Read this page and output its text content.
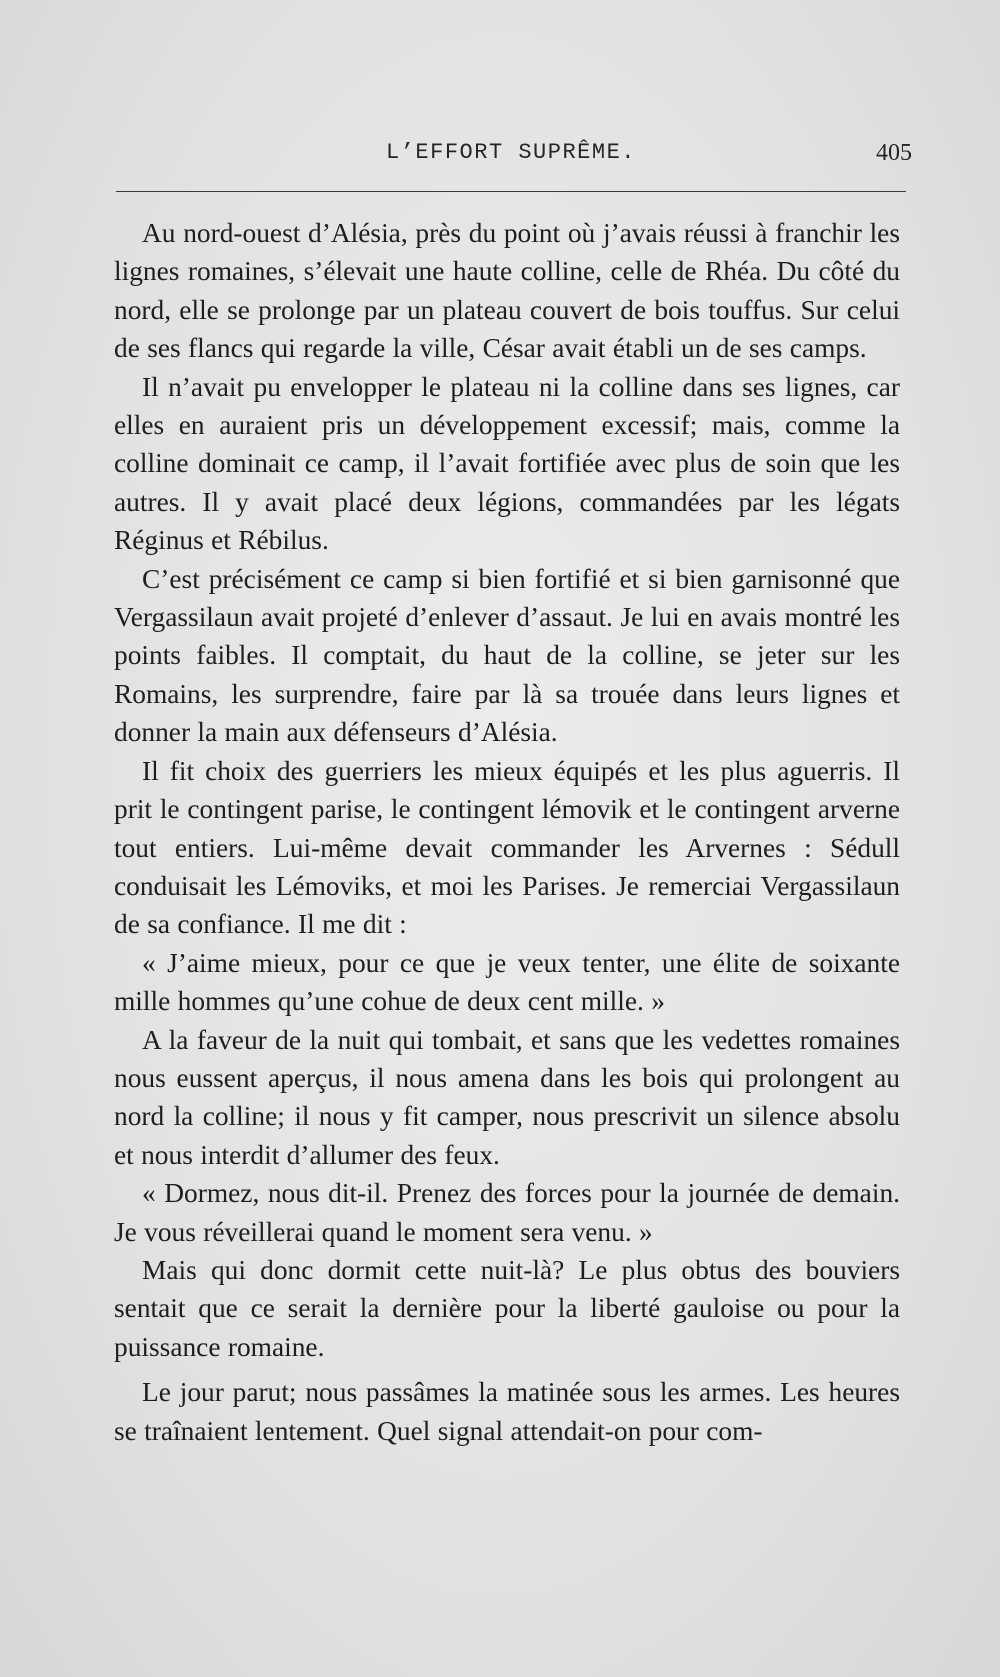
L’EFFORT SUPRÊME.	405

Au nord-ouest d’Alésia, près du point où j’avais réussi à franchir les lignes romaines, s’élevait une haute colline, celle de Rhéa. Du côté du nord, elle se prolonge par un plateau couvert de bois touffus. Sur celui de ses flancs qui regarde la ville, César avait établi un de ses camps.

Il n’avait pu envelopper le plateau ni la colline dans ses lignes, car elles en auraient pris un développement excessif; mais, comme la colline dominait ce camp, il l’avait fortifiée avec plus de soin que les autres. Il y avait placé deux légions, commandées par les légats Réginus et Rébilus.

C’est précisément ce camp si bien fortifié et si bien garnisonné que Vergassilaun avait projeté d’enlever d’assaut. Je lui en avais montré les points faibles. Il comptait, du haut de la colline, se jeter sur les Romains, les surprendre, faire par là sa trouée dans leurs lignes et donner la main aux défenseurs d’Alésia.

Il fit choix des guerriers les mieux équipés et les plus aguerris. Il prit le contingent parise, le contingent lémovik et le contingent arverne tout entiers. Lui-même devait commander les Arvernes : Sédull conduisait les Lémoviks, et moi les Parises. Je remerciai Vergassilaun de sa confiance. Il me dit :

« J’aime mieux, pour ce que je veux tenter, une élite de soixante mille hommes qu’une cohue de deux cent mille. »

A la faveur de la nuit qui tombait, et sans que les vedettes romaines nous eussent aperçus, il nous amena dans les bois qui prolongent au nord la colline; il nous y fit camper, nous prescrivit un silence absolu et nous interdit d’allumer des feux.

« Dormez, nous dit-il. Prenez des forces pour la journée de demain. Je vous réveillerai quand le moment sera venu. »

Mais qui donc dormit cette nuit-là? Le plus obtus des bouviers sentait que ce serait la dernière pour la liberté gauloise ou pour la puissance romaine.

Le jour parut; nous passâmes la matinée sous les armes. Les heures se traînaient lentement. Quel signal attendait-on pour com-
